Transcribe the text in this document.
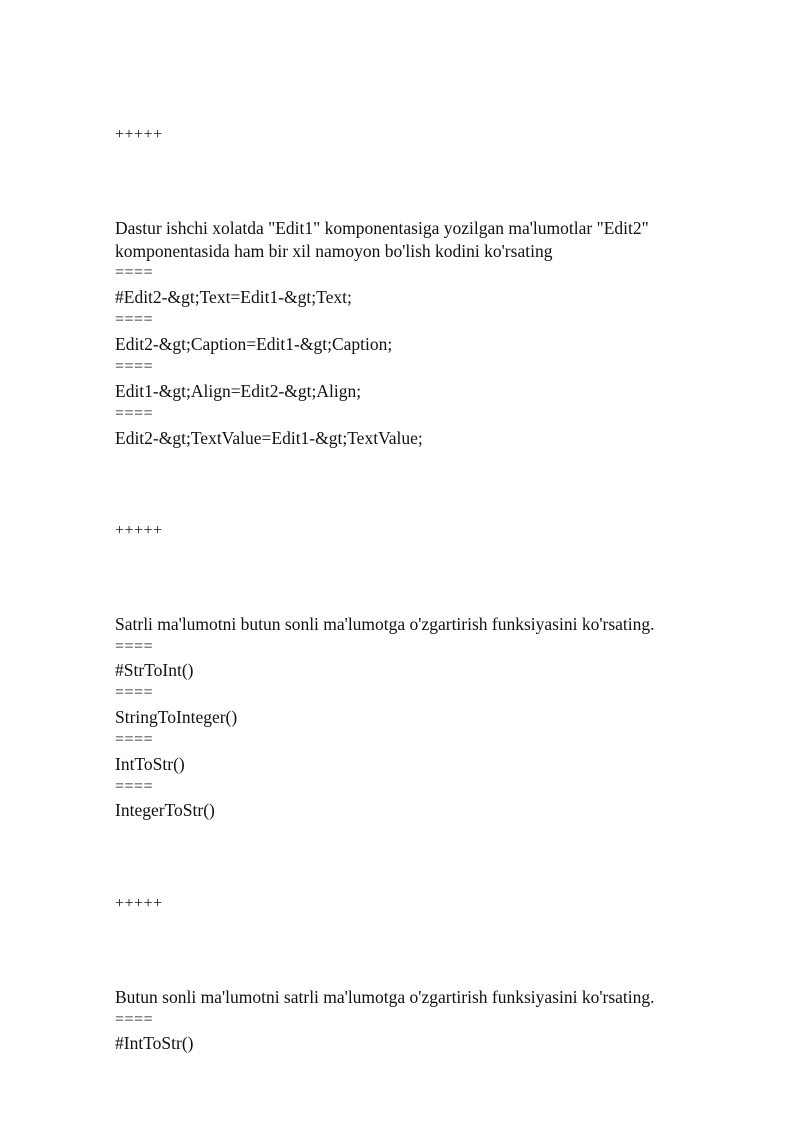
+++++
Dastur ishchi xolatda "Edit1" komponentasiga yozilgan ma'lumotlar "Edit2"
komponentasida ham bir xil namoyon bo'lish kodini ko'rsating
====
#Edit2-&gt;Text=Edit1-&gt;Text;
====
Edit2-&gt;Caption=Edit1-&gt;Caption;
====
Edit1-&gt;Align=Edit2-&gt;Align;
====
Edit2-&gt;TextValue=Edit1-&gt;TextValue;
+++++
Satrli ma'lumotni butun sonli ma'lumotga o'zgartirish funksiyasini ko'rsating.
====
#StrToInt()
====
StringToInteger()
====
IntToStr()
====
IntegerToStr()
+++++
Butun sonli ma'lumotni satrli ma'lumotga o'zgartirish funksiyasini ko'rsating.
====
#IntToStr()
